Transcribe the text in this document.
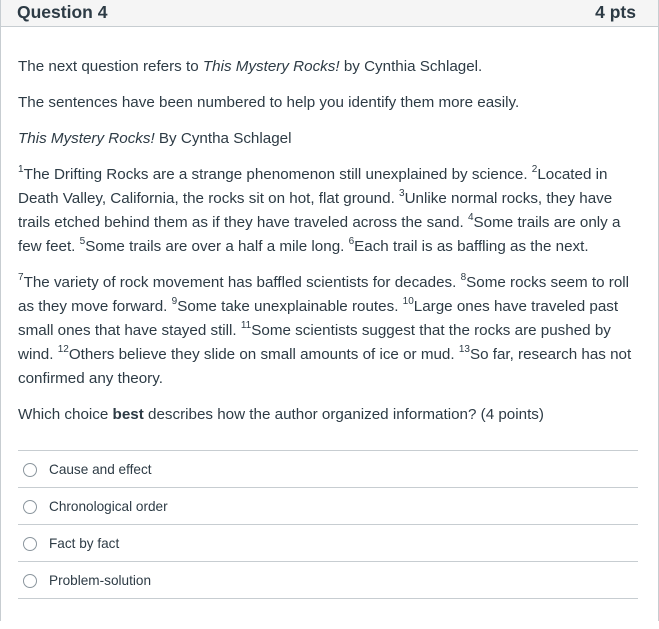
Question 4	4 pts

The next question refers to This Mystery Rocks! by Cynthia Schlagel.

The sentences have been numbered to help you identify them more easily.

This Mystery Rocks! By Cyntha Schlagel

$^1$The Drifting Rocks are a strange phenomenon still unexplained by science. $^2$Located in Death Valley, California, the rocks sit on hot, flat ground. $^3$Unlike normal rocks, they have trails etched behind them as if they have traveled across the sand. $^4$Some trails are only a few feet. $^5$Some trails are over a half a mile long. $^6$Each trail is as baffling as the next.

$^7$The variety of rock movement has baffled scientists for decades. $^8$Some rocks seem to roll as they move forward. $^9$Some take unexplainable routes. $^{10}$Large ones have traveled past small ones that have stayed still. $^{11}$Some scientists suggest that the rocks are pushed by wind. $^{12}$Others believe they slide on small amounts of ice or mud. $^{13}$So far, research has not confirmed any theory.

Which choice best describes how the author organized information? (4 points)

Cause and effect
Chronological order
Fact by fact
Problem-solution
